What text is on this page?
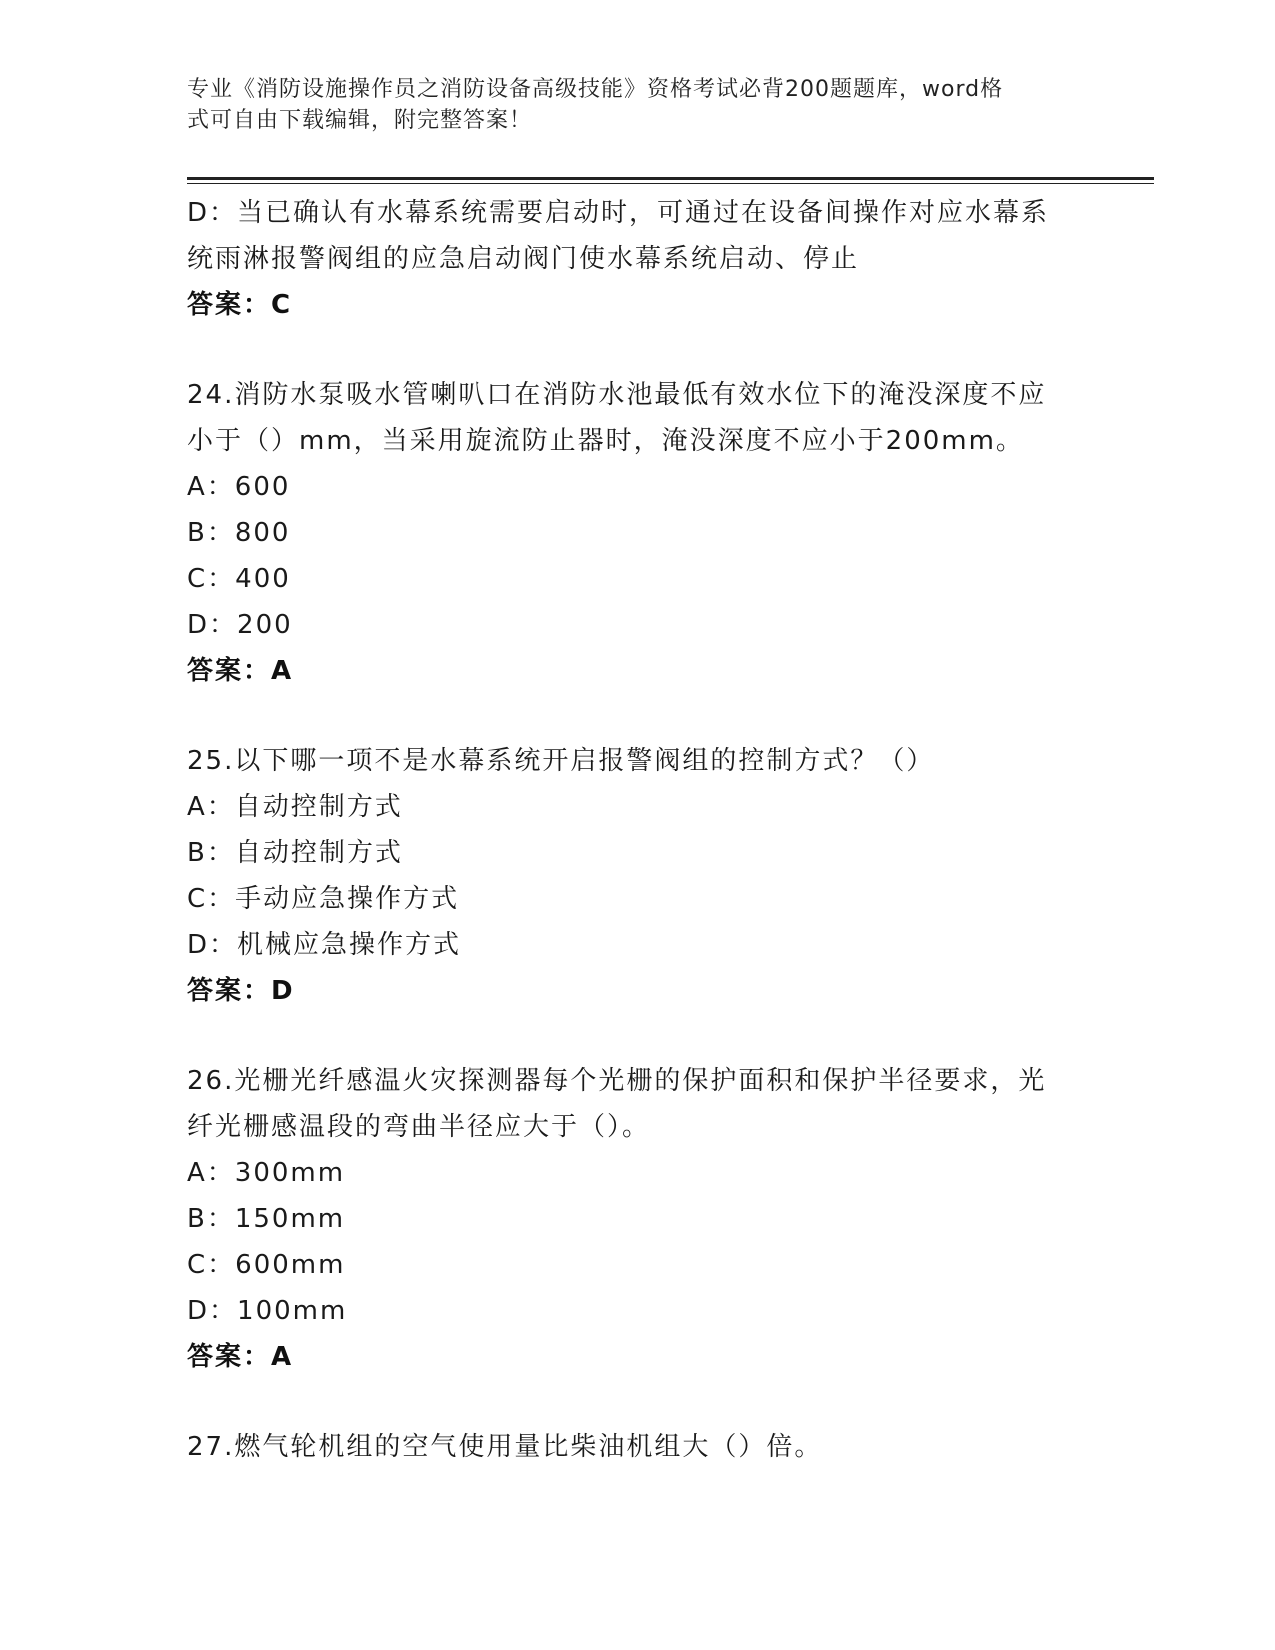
专业《消防设施操作员之消防设备高级技能》资格考试必背200题题库，word格
式可自由下载编辑，附完整答案！
D：当已确认有水幕系统需要启动时，可通过在设备间操作对应水幕系
统雨淋报警阀组的应急启动阀门使水幕系统启动、停止
答案：C
24.消防水泵吸水管喇叭口在消防水池最低有效水位下的淹没深度不应
小于（）mm，当采用旋流防止器时，淹没深度不应小于200mm。
A：600
B：800
C：400
D：200
答案：A
25.以下哪一项不是水幕系统开启报警阀组的控制方式？（）
A：自动控制方式
B：自动控制方式
C：手动应急操作方式
D：机械应急操作方式
答案：D
26.光栅光纤感温火灾探测器每个光栅的保护面积和保护半径要求，光
纤光栅感温段的弯曲半径应大于（）。
A：300mm
B：150mm
C：600mm
D：100mm
答案：A
27.燃气轮机组的空气使用量比柴油机组大（）倍。
